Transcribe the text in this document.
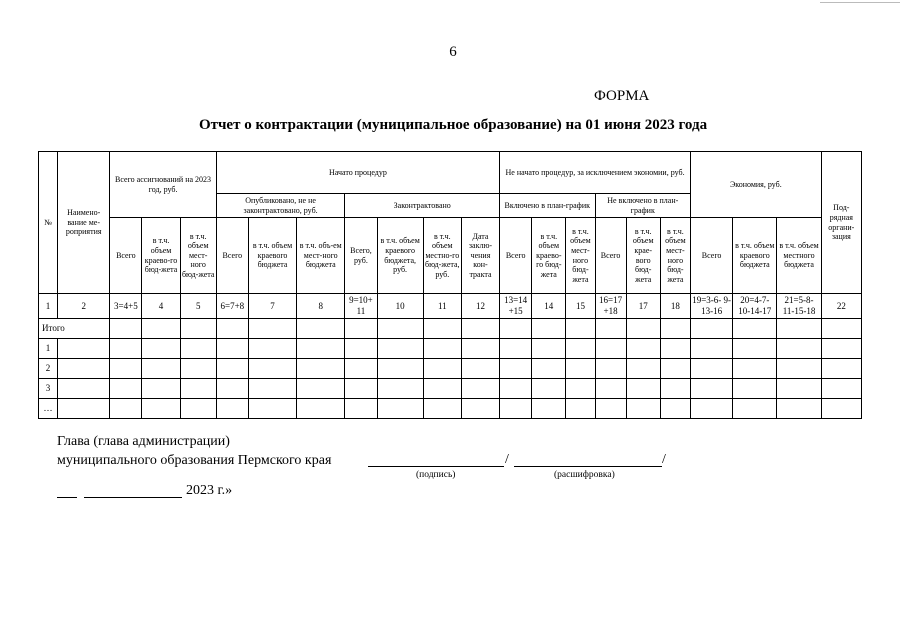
6
ФОРМА
Отчет о контрактации (муниципальное образование) на 01 июня 2023 года
№	Наимено-вание ме-роприятия	Всего ассигнований на 2023 год, руб.			Начато процедур							Не начато процедур, за исключением экономии, руб.						Экономия, руб.			Под-рядная органи-зация
					Опубликовано, не не законтрактовано, руб.			Законтрактовано				Включено в план-график			Не включено в план-график						
		Всего	в т.ч. объем краево-го бюд-жета	в т.ч. объем мест-ного бюд-жета	Всего	в т.ч. объем краевого бюджета	в т.ч. объ-ем мест-ного бюджета	Всего, руб.	в т.ч. объем краевого бюджета, руб.	в т.ч. объем местно-го бюд-жета, руб.	Дата заклю-чения кон-тракта	Всего	в т.ч. объем краево-го бюд-жета	в т.ч. объем мест-ного бюд-жета	Всего	в т.ч. объем крае-вого бюд-жета	в т.ч. объем мест-ного бюд-жета	Всего	в т.ч. объем краевого бюджета	в т.ч. объем местного бюджета	
1	2	3=4+5	4	5	6=7+8	7	8	9=10+ 11	10	11	12	13=14 +15	14	15	16=17 +18	17	18	19=3-6- 9-13-16	20=4-7- 10-14-17	21=5-8- 11-15-18	22
Итого																					
1																					
2																					
3																					
…																					
Глава (глава администрации)
муниципального образования Пермского края	/	/
(подпись)	(расшифровка)
2023 г.»
